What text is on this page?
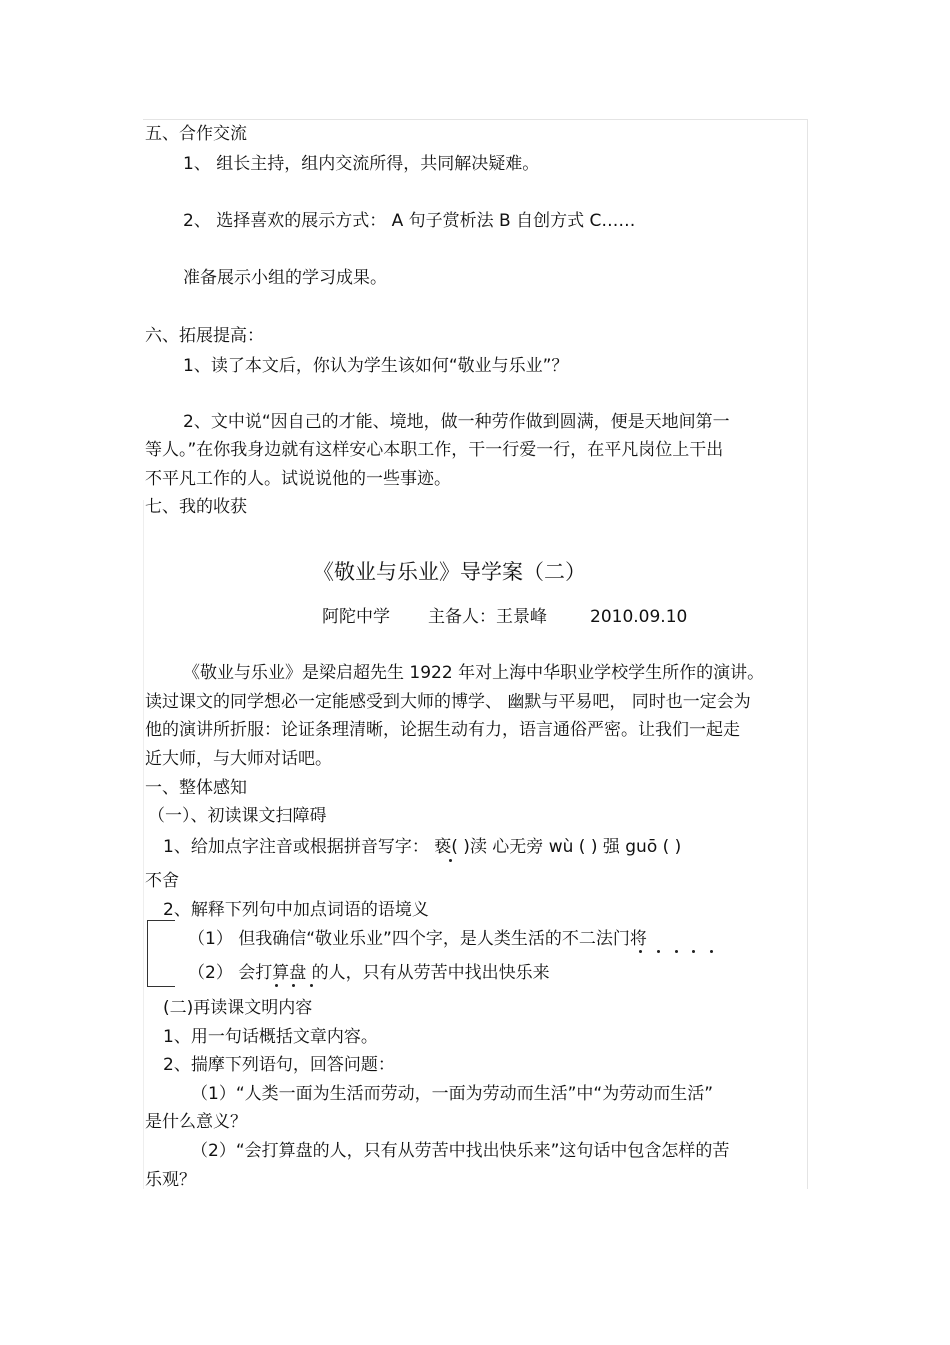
五、合作交流
1、 组长主持，组内交流所得，共同解决疑难。
2、 选择喜欢的展示方式： A 句子赏析法 B 自创方式 C……
准备展示小组的学习成果。
六、拓展提高：
1、读了本文后，你认为学生该如何“敬业与乐业”？
2、文中说“因自己的才能、境地，做一种劳作做到圆满，便是天地间第一
等人。”在你我身边就有这样安心本职工作，干一行爱一行，在平凡岗位上干出
不平凡工作的人。试说说他的一些事迹。
七、我的收获
《敬业与乐业》导学案（二）
阿陀中学 主备人：王景峰	2010.09.10
《敬业与乐业》是梁启超先生 1922 年对上海中华职业学校学生所作的演讲。
读过课文的同学想必一定能感受到大师的博学、 幽默与平易吧， 同时也一定会为
他的演讲所折服：论证条理清晰，论据生动有力，语言通俗严密。让我们一起走
近大师，与大师对话吧。
一、整体感知
（一）、初读课文扫障碍
1、给加点字注音或根据拼音写字： 亵( )渎 心无旁 wù ( ) 强 guō ( )
不舍
2、解释下列句中加点词语的语境义
（1） 但我确信“敬业乐业”四个字，是人类生活的不二法门将
（2） 会打算盘 的人，只有从劳苦中找出快乐来
(二)再读课文明内容
1、用一句话概括文章内容。
2、揣摩下列语句，回答问题：
（1）“人类一面为生活而劳动，一面为劳动而生活”中“为劳动而生活”
是什么意义？
（2）“会打算盘的人，只有从劳苦中找出快乐来”这句话中包含怎样的苦
乐观？
